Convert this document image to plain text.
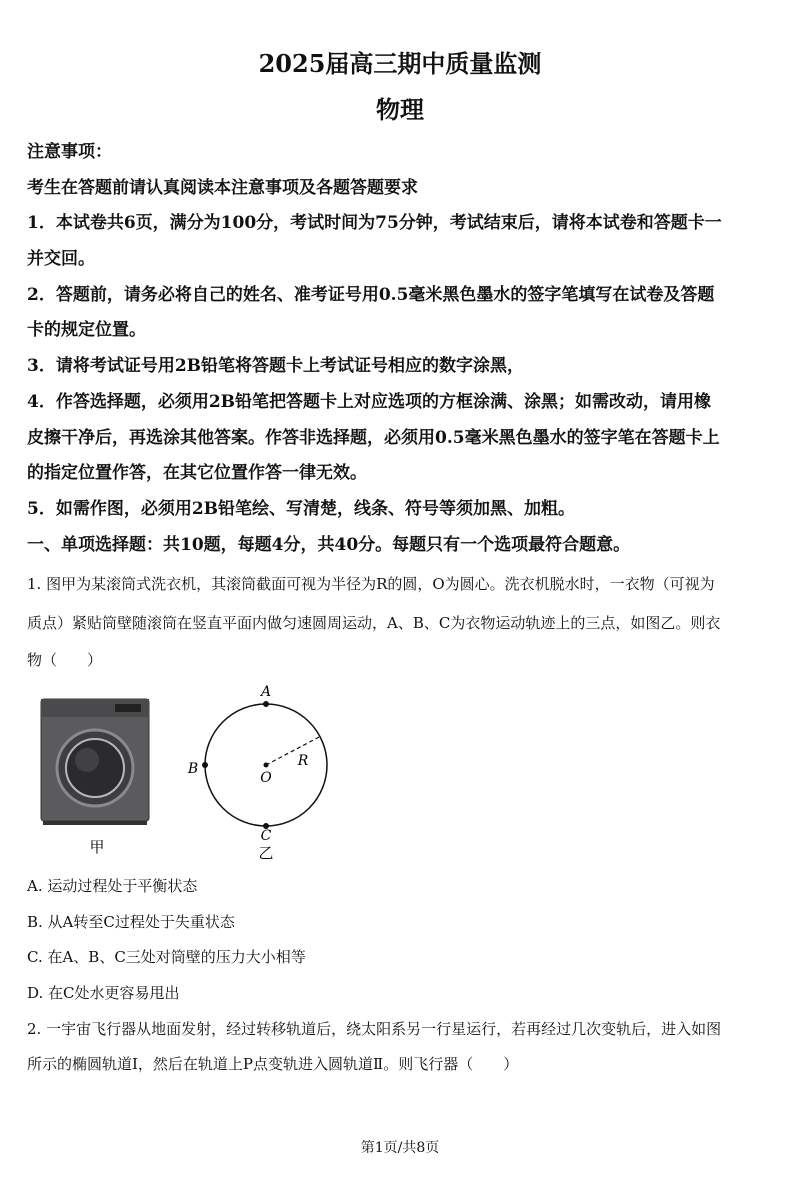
2025届高三期中质量监测
物理
注意事项：
考生在答题前请认真阅读本注意事项及各题答题要求
1．本试卷共6页，满分为100分，考试时间为75分钟，考试结束后，请将本试卷和答题卡一
并交回。
2．答题前，请务必将自己的姓名、准考证号用0.5毫米黑色墨水的签字笔填写在试卷及答题
卡的规定位置。
3．请将考试证号用2B铅笔将答题卡上考试证号相应的数字涂黑，
4．作答选择题，必须用2B铅笔把答题卡上对应选项的方框涂满、涂黑；如需改动，请用橡
皮擦干净后，再选涂其他答案。作答非选择题，必须用0.5毫米黑色墨水的签字笔在答题卡上
的指定位置作答，在其它位置作答一律无效。
5．如需作图，必须用2B铅笔绘、写清楚，线条、符号等须加黑、加粗。
一、单项选择题：共10题，每题4分，共40分。每题只有一个选项最符合题意。
1. 图甲为某滚筒式洗衣机，其滚筒截面可视为半径为R的圆，O为圆心。洗衣机脱水时，一衣物（可视为
质点）紧贴筒壁随滚筒在竖直平面内做匀速圆周运动，A、B、C为衣物运动轨迹上的三点，如图乙。则衣
物（　　）
甲
A
B
O
R
C
乙
A. 运动过程处于平衡状态
B. 从A转至C过程处于失重状态
C. 在A、B、C三处对筒壁的压力大小相等
D. 在C处水更容易甩出
2. 一宇宙飞行器从地面发射，经过转移轨道后，绕太阳系另一行星运行，若再经过几次变轨后，进入如图
所示的椭圆轨道Ⅰ，然后在轨道上P点变轨进入圆轨道Ⅱ。则飞行器（　　）
第1页/共8页
